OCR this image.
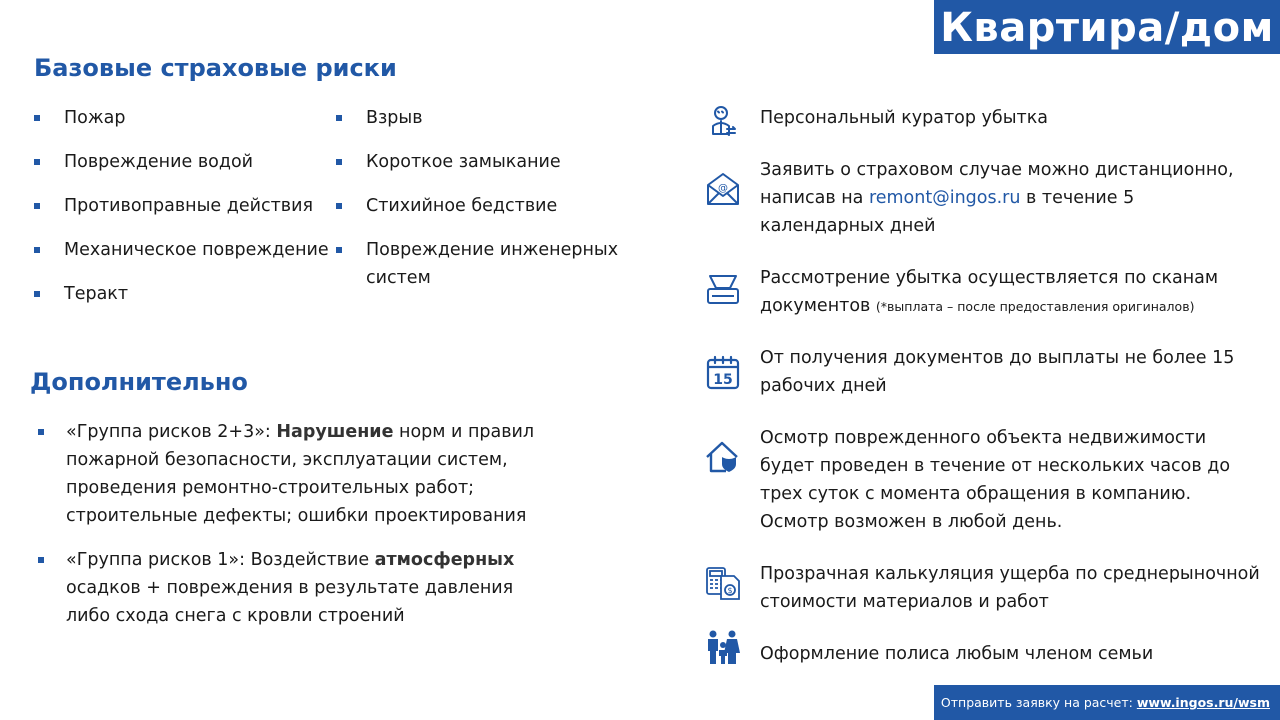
Квартира/дом
Базовые страховые риски
Пожар
Повреждение водой
Противоправные действия
Механическое повреждение
Теракт
Взрыв
Короткое замыкание
Стихийное бедствие
Повреждение инженерных систем
Дополнительно
«Группа рисков 2+3»: Нарушение норм и правил пожарной безопасности, эксплуатации систем, проведения ремонтно-строительных работ; строительные дефекты; ошибки проектирования
«Группа рисков 1»: Воздействие атмосферных осадков + повреждения в результате давления либо схода снега с кровли строений
Персональный куратор убытка
@
Заявить о страховом случае можно дистанционно, написав на remont@ingos.ru в течение 5 календарных дней
Рассмотрение убытка осуществляется по сканам документов (*выплата – после предоставления оригиналов)
15
От получения документов до выплаты не более 15 рабочих дней
Осмотр поврежденного объекта недвижимости будет проведен в течение от нескольких часов до трех суток с момента обращения в компанию. Осмотр возможен в любой день.
$
Прозрачная калькуляция ущерба по среднерыночной стоимости материалов и работ
Оформление полиса любым членом семьи
Отправить заявку на расчет: www.ingos.ru/wsm
